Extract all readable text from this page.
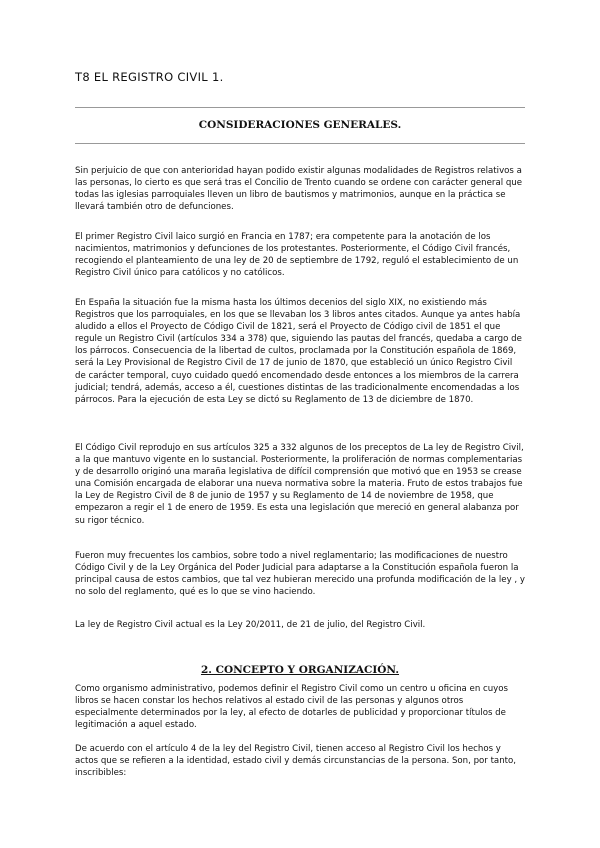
T8 EL REGISTRO CIVIL 1.
CONSIDERACIONES GENERALES.

Sin perjuicio de que con anterioridad hayan podido existir algunas modalidades de Registros relativos a las personas, lo cierto es que será tras el Concilio de Trento cuando se ordene con carácter general que todas las iglesias parroquiales lleven un libro de bautismos y matrimonios, aunque en la práctica se llevará también otro de defunciones.

El primer Registro Civil laico surgió en Francia en 1787; era competente para la anotación de los nacimientos, matrimonios y defunciones de los protestantes. Posteriormente, el Código Civil francés, recogiendo el planteamiento de una ley de 20 de septiembre de 1792, reguló el establecimiento de un Registro Civil único para católicos y no católicos.

En España la situación fue la misma hasta los últimos decenios del siglo XIX, no existiendo más Registros que los parroquiales, en los que se llevaban los 3 libros antes citados. Aunque ya antes había aludido a ellos el Proyecto de Código Civil de 1821, será el Proyecto de Código civil de 1851 el que regule un Registro Civil (artículos 334 a 378) que, siguiendo las pautas del francés, quedaba a cargo de los párrocos. Consecuencia de la libertad de cultos, proclamada por la Constitución española de 1869, será la Ley Provisional de Registro Civil de 17 de junio de 1870, que estableció un único Registro Civil de carácter temporal, cuyo cuidado quedó encomendado desde entonces a los miembros de la carrera judicial; tendrá, además, acceso a él, cuestiones distintas de las tradicionalmente encomendadas a los párrocos. Para la ejecución de esta Ley se dictó su Reglamento de 13 de diciembre de 1870.

El Código Civil reprodujo en sus artículos 325 a 332 algunos de los preceptos de La ley de Registro Civil, a la que mantuvo vigente en lo sustancial. Posteriormente, la proliferación de normas complementarias y de desarrollo originó una maraña legislativa de difícil comprensión que motivó que en 1953 se crease una Comisión encargada de elaborar una nueva normativa sobre la materia. Fruto de estos trabajos fue la Ley de Registro Civil de 8 de junio de 1957 y su Reglamento de 14 de noviembre de 1958, que empezaron a regir el 1 de enero de 1959. Es esta una legislación que mereció en general alabanza por su rigor técnico.

Fueron muy frecuentes los cambios, sobre todo a nivel reglamentario; las modificaciones de nuestro Código Civil y de la Ley Orgánica del Poder Judicial para adaptarse a la Constitución española fueron la principal causa de estos cambios, que tal vez hubieran merecido una profunda modificación de la ley , y no solo del reglamento, qué es lo que se vino haciendo.

La ley de Registro Civil actual es la Ley 20/2011, de 21 de julio, del Registro Civil.

2. CONCEPTO Y ORGANIZACIÓN.

Como organismo administrativo, podemos definir el Registro Civil como un centro u oficina en cuyos libros se hacen constar los hechos relativos al estado civil de las personas y algunos otros especialmente determinados por la ley, al efecto de dotarles de publicidad y proporcionar títulos de legitimación a aquel estado.

De acuerdo con el artículo 4 de la ley del Registro Civil, tienen acceso al Registro Civil los hechos y actos que se refieren a la identidad, estado civil y demás circunstancias de la persona. Son, por tanto, inscribibles:
